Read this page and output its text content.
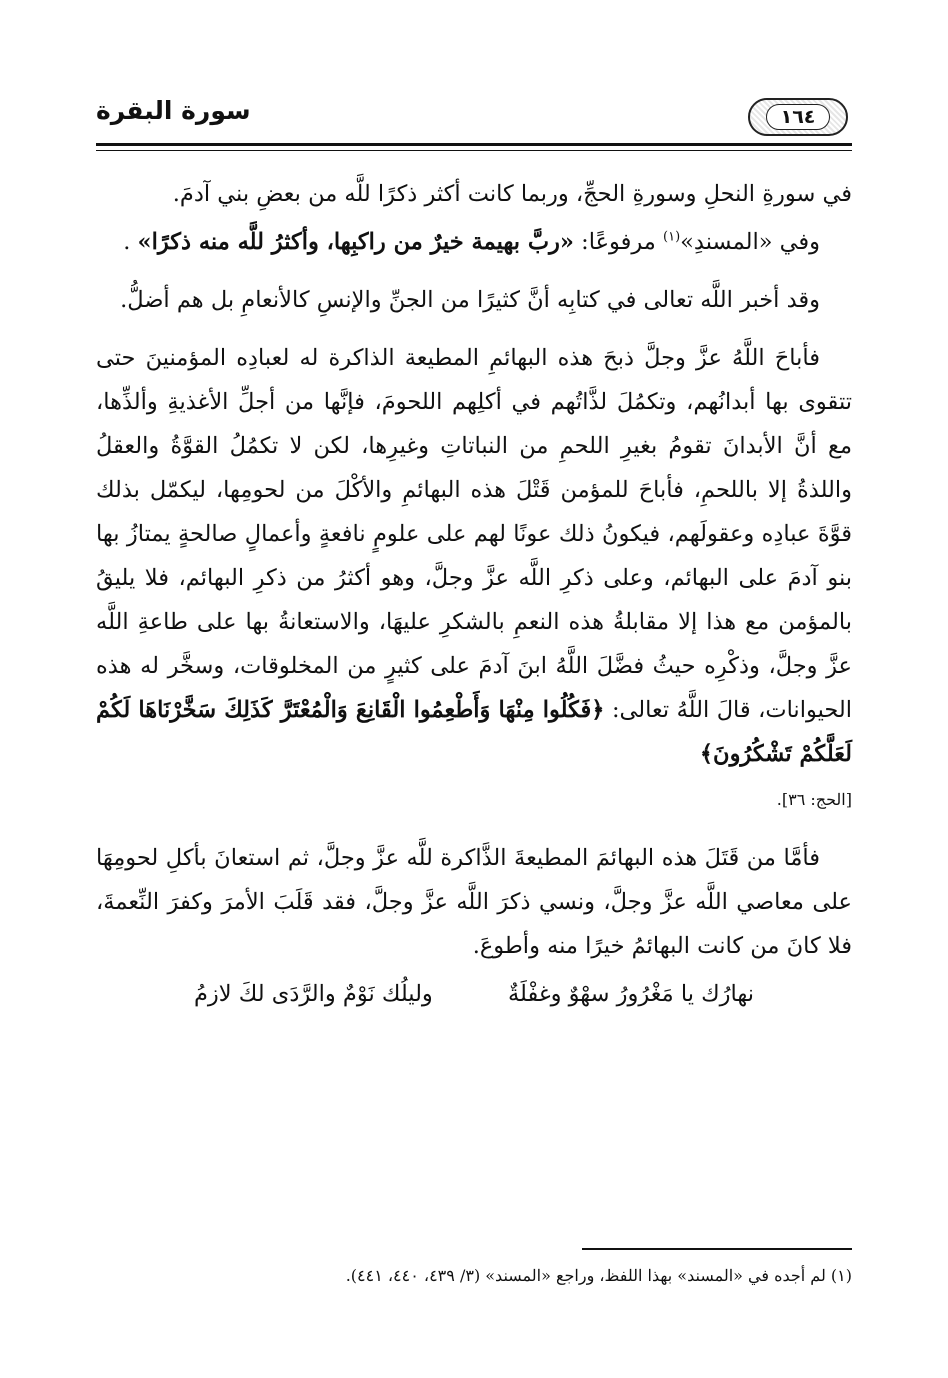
سورة البقرة	١٦٤

في سورةِ النحلِ وسورةِ الحجِّ، وربما كانت أكثر ذكرًا للَّه من بعضِ بني آدمَ.

وفي «المسندِ»$^{(١)}$ مرفوعًا: «ربَّ بهيمة خيرٌ من راكبِها، وأكثرُ للَّه منه ذكرًا» .

وقد أخبر اللَّه تعالى في كتابِه أنَّ كثيرًا من الجنِّ والإنسِ كالأنعامِ بل هم أضلُّ.

فأباحَ اللَّهُ عزَّ وجلَّ ذبحَ هذه البهائمِ المطيعة الذاكرة له لعبادِه المؤمنينَ حتى تتقوى بها أبدانُهم، وتكمُلَ لذَّاتُهم في أكلِهم اللحومَ، فإنَّها من أجلِّ الأغذيةِ وألذِّها، مع أنَّ الأبدانَ تقومُ بغيرِ اللحمِ من النباتاتِ وغيرِها، لكن لا تكمُلُ القوَّةُ والعقلُ واللذةُ إلا باللحمِ، فأباحَ للمؤمن قَتْلَ هذه البهائمِ والأكْلَ من لحومِها، ليكمّل بذلك قوَّةَ عبادِه وعقولَهم، فيكونُ ذلك عونًا لهم على علومٍ نافعةٍ وأعمالٍ صالحةٍ يمتازُ بها بنو آدمَ على البهائم، وعلى ذكرِ اللَّه عزَّ وجلَّ، وهو أكثرُ من ذكرِ البهائم، فلا يليقُ بالمؤمن مع هذا إلا مقابلةُ هذه النعمِ بالشكرِ عليهَا، والاستعانةُ بها على طاعةِ اللَّه عزَّ وجلَّ، وذكْرِه حيثُ فضَّلَ اللَّهُ ابنَ آدمَ على كثيرٍ من المخلوقات، وسخَّر له هذه الحيوانات، قالَ اللَّهُ تعالى: ﴿فَكُلُوا مِنْهَا وَأَطْعِمُوا الْقَانِعَ وَالْمُعْتَرَّ كَذَلِكَ سَخَّرْنَاهَا لَكُمْ لَعَلَّكُمْ تَشْكُرُونَ﴾

[الحج: ٣٦].

فأمَّا من قَتَلَ هذه البهائمَ المطيعةَ الذَّاكرة للَّه عزَّ وجلَّ، ثم استعانَ بأكلِ لحومِهَا على معاصي اللَّه عزَّ وجلَّ، ونسي ذكرَ اللَّه عزَّ وجلَّ، فقد قَلَبَ الأمرَ وكفرَ النِّعمةَ، فلا كانَ من كانت البهائمُ خيرًا منه وأطوعَ.

نهارُك يا مَغْرُورُ سهْوٌ وغفْلَةٌ وليلُك نَوْمٌ والرَّدَى لكَ لازمُ
(١) لم أجده في «المسند» بهذا اللفظ، وراجع «المسند» (٣/ ٤٣٩، ٤٤٠، ٤٤١).
